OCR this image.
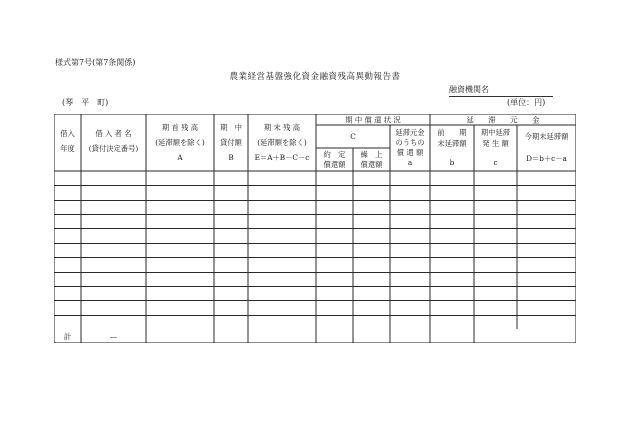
様式第7号(第7条関係)
農業経営基盤強化資金融資残高異動報告書
融資機関名
(琴　平　町)	(単位：円)
借入
年度
借 入 者 名
(貸付決定番号)
期 首 残 高
(延滞額を除く)
A
期　中
貸付額
B
期 末 残 高
(延滞額を除く)
E＝A＋B－C－c
期 中 償 還 状 況
C
約　定
償還額
繰　上
償還額
延滞元金
のうちの
償 還 額
a
延　　滞　　元　　金
前　　期
末延滞額
b
期中延滞
発 生 額
c
今期末延滞額
D＝b＋c－a
計	—
